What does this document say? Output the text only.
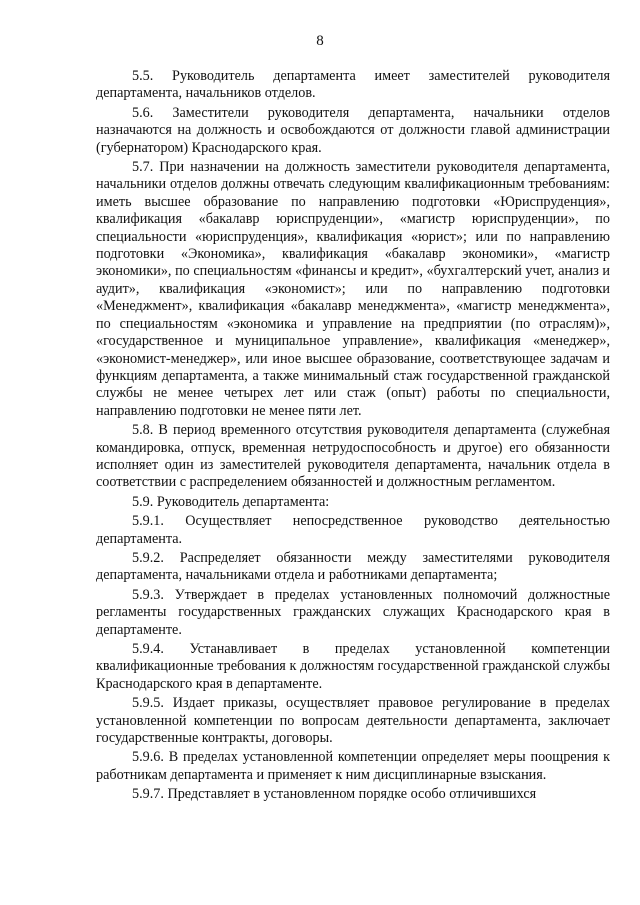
8

5.5. Руководитель департамента имеет заместителей руководителя департамента, начальников отделов.

5.6. Заместители руководителя департамента, начальники отделов назначаются на должность и освобождаются от должности главой администрации (губернатором) Краснодарского края.

5.7. При назначении на должность заместители руководителя департамента, начальники отделов должны отвечать следующим квалификационным требованиям: иметь высшее образование по направлению подготовки «Юриспруденция», квалификация «бакалавр юриспруденции», «магистр юриспруденции», по специальности «юриспруденция», квалификация «юрист»; или по направлению подготовки «Экономика», квалификация «бакалавр экономики», «магистр экономики», по специальностям «финансы и кредит», «бухгалтерский учет, анализ и аудит», квалификация «экономист»; или по направлению подготовки «Менеджмент», квалификация «бакалавр менеджмента», «магистр менеджмента», по специальностям «экономика и управление на предприятии (по отраслям)», «государственное и муниципальное управление», квалификация «менеджер», «экономист-менеджер», или иное высшее образование, соответствующее задачам и функциям департамента, а также минимальный стаж государственной гражданской службы не менее четырех лет или стаж (опыт) работы по специальности, направлению подготовки не менее пяти лет.

5.8. В период временного отсутствия руководителя департамента (служебная командировка, отпуск, временная нетрудоспособность и другое) его обязанности исполняет один из заместителей руководителя департамента, начальник отдела в соответствии с распределением обязанностей и должностным регламентом.

5.9. Руководитель департамента:

5.9.1. Осуществляет непосредственное руководство деятельностью департамента.

5.9.2. Распределяет обязанности между заместителями руководителя департамента, начальниками отдела и работниками департамента;

5.9.3. Утверждает в пределах установленных полномочий должностные регламенты государственных гражданских служащих Краснодарского края в департаменте.

5.9.4. Устанавливает в пределах установленной компетенции квалификационные требования к должностям государственной гражданской службы Краснодарского края в департаменте.

5.9.5. Издает приказы, осуществляет правовое регулирование в пределах установленной компетенции по вопросам деятельности департамента, заключает государственные контракты, договоры.

5.9.6. В пределах установленной компетенции определяет меры поощрения к работникам департамента и применяет к ним дисциплинарные взыскания.

5.9.7. Представляет в установленном порядке особо отличившихся
